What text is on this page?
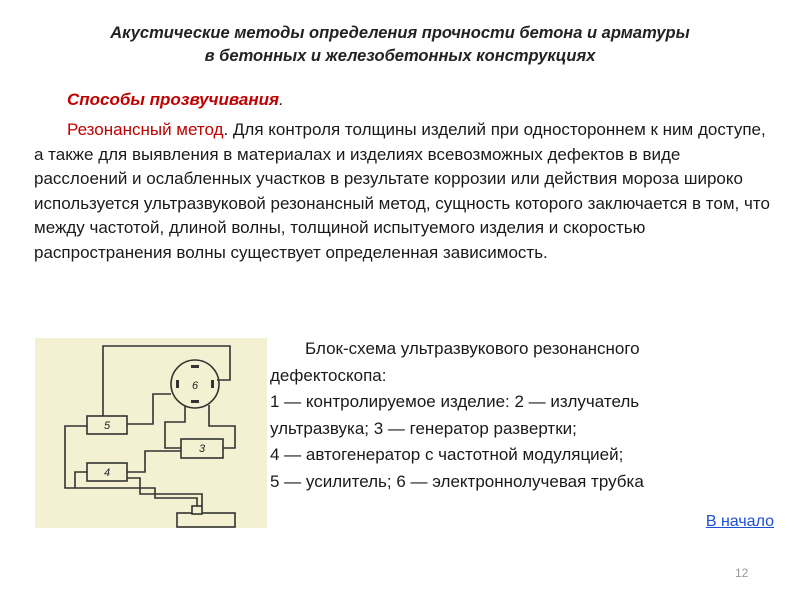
Акустические методы определения прочности бетона и арматуры
в бетонных и железобетонных конструкциях
Способы прозвучивания.
Резонансный метод. Для контроля толщины изделий при одностороннем к ним доступе, а также для выявления в материалах и изделиях всевозможных дефектов в виде расслоений и ослабленных участков в результате коррозии или действия мороза широко используется ультразвуковой резонансный метод, сущность которого заключается в том, что между частотой, длиной волны, толщиной испытуемого изделия и скоростью распространения волны существует определенная зависимость.
5
6
3
4
Блок-схема ультразвукового резонансного
дефектоскопа:
1 — контролируемое изделие: 2 — излучатель
ультразвука; 3 — генератор развертки;
4 — автогенератор с частотной модуляцией;
5 — усилитель; 6 — электроннолучевая трубка
В начало
12
